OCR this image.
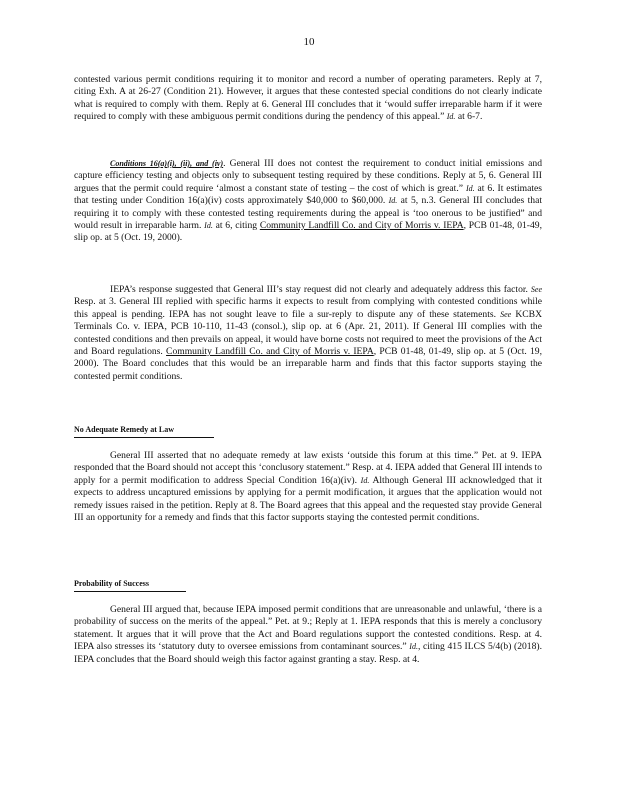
10

contested various permit conditions requiring it to monitor and record a number of operating parameters. Reply at 7, citing Exh. A at 26-27 (Condition 21). However, it argues that these contested special conditions do not clearly indicate what is required to comply with them. Reply at 6. General III concludes that it ‘would suffer irreparable harm if it were required to comply with these ambiguous permit conditions during the pendency of this appeal.” Id. at 6-7.

Conditions 16(a)(i), (ii), and (iv). General III does not contest the requirement to conduct initial emissions and capture efficiency testing and objects only to subsequent testing required by these conditions. Reply at 5, 6. General III argues that the permit could require ‘almost a constant state of testing – the cost of which is great.” Id. at 6. It estimates that testing under Condition 16(a)(iv) costs approximately $40,000 to $60,000. Id. at 5, n.3. General III concludes that requiring it to comply with these contested testing requirements during the appeal is ‘too onerous to be justified” and would result in irreparable harm. Id. at 6, citing Community Landfill Co. and City of Morris v. IEPA, PCB 01-48, 01-49, slip op. at 5 (Oct. 19, 2000).

IEPA’s response suggested that General III’s stay request did not clearly and adequately address this factor. See Resp. at 3. General III replied with specific harms it expects to result from complying with contested conditions while this appeal is pending. IEPA has not sought leave to file a sur-reply to dispute any of these statements. See KCBX Terminals Co. v. IEPA, PCB 10-110, 11-43 (consol.), slip op. at 6 (Apr. 21, 2011). If General III complies with the contested conditions and then prevails on appeal, it would have borne costs not required to meet the provisions of the Act and Board regulations. Community Landfill Co. and City of Morris v. IEPA, PCB 01-48, 01-49, slip op. at 5 (Oct. 19, 2000). The Board concludes that this would be an irreparable harm and finds that this factor supports staying the contested permit conditions.

No Adequate Remedy at Law

General III asserted that no adequate remedy at law exists ‘outside this forum at this time.” Pet. at 9. IEPA responded that the Board should not accept this ‘conclusory statement.” Resp. at 4. IEPA added that General III intends to apply for a permit modification to address Special Condition 16(a)(iv). Id. Although General III acknowledged that it expects to address uncaptured emissions by applying for a permit modification, it argues that the application would not remedy issues raised in the petition. Reply at 8. The Board agrees that this appeal and the requested stay provide General III an opportunity for a remedy and finds that this factor supports staying the contested permit conditions.

Probability of Success

General III argued that, because IEPA imposed permit conditions that are unreasonable and unlawful, ‘there is a probability of success on the merits of the appeal.” Pet. at 9.; Reply at 1. IEPA responds that this is merely a conclusory statement. It argues that it will prove that the Act and Board regulations support the contested conditions. Resp. at 4. IEPA also stresses its ‘statutory duty to oversee emissions from contaminant sources.” Id., citing 415 ILCS 5/4(b) (2018). IEPA concludes that the Board should weigh this factor against granting a stay. Resp. at 4.
